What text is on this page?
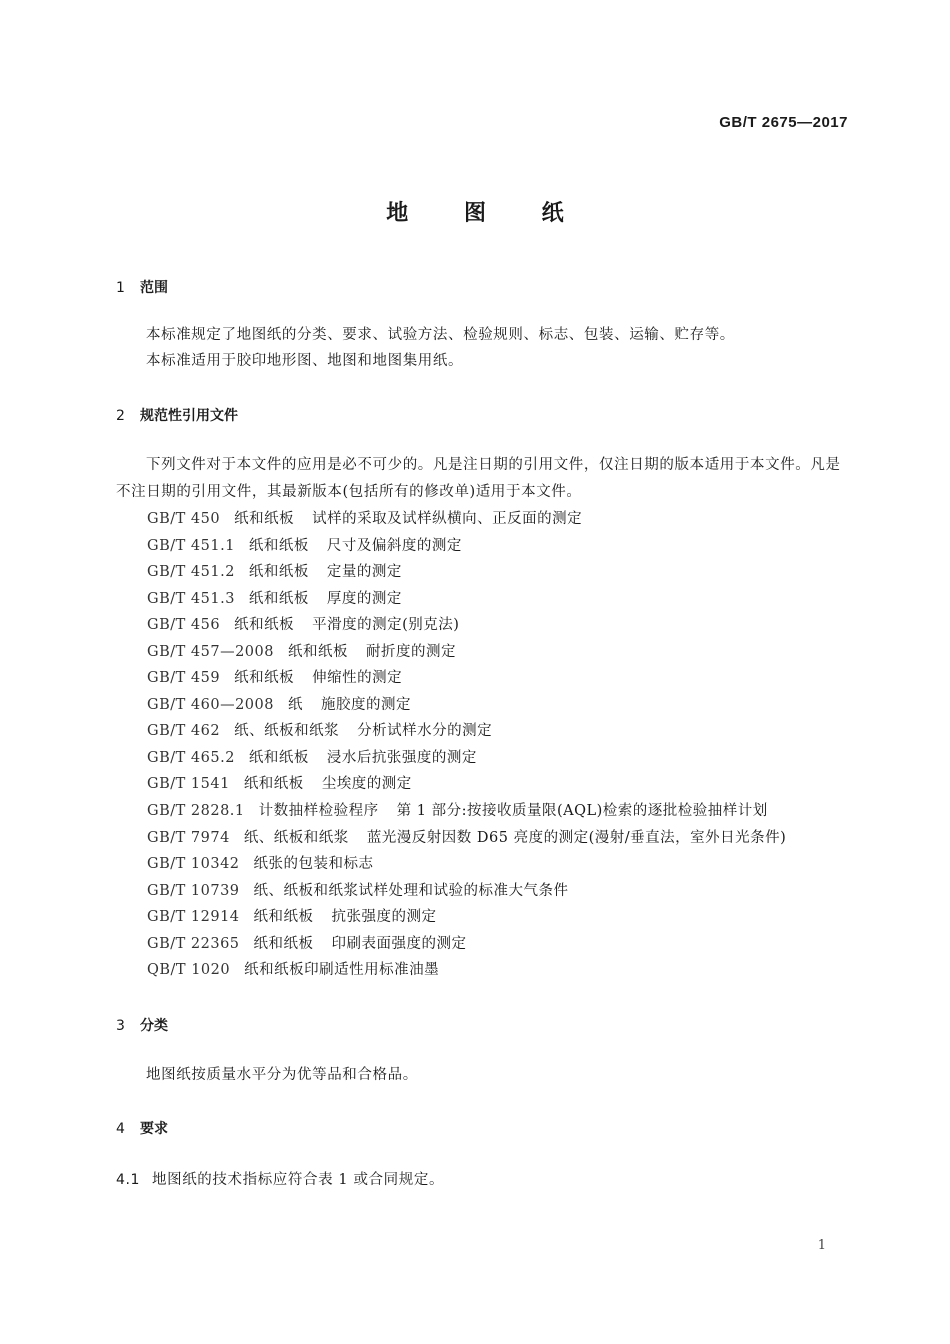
GB/T 2675—2017
地	图	纸
1 范围
本标准规定了地图纸的分类、要求、试验方法、检验规则、标志、包装、运输、贮存等。
本标准适用于胶印地形图、地图和地图集用纸。
2 规范性引用文件
下列文件对于本文件的应用是必不可少的。凡是注日期的引用文件，仅注日期的版本适用于本文件。凡是不注日期的引用文件，其最新版本(包括所有的修改单)适用于本文件。
GB/T 450 纸和纸板 试样的采取及试样纵横向、正反面的测定
GB/T 451.1 纸和纸板 尺寸及偏斜度的测定
GB/T 451.2 纸和纸板 定量的测定
GB/T 451.3 纸和纸板 厚度的测定
GB/T 456 纸和纸板 平滑度的测定(别克法)
GB/T 457—2008 纸和纸板 耐折度的测定
GB/T 459 纸和纸板 伸缩性的测定
GB/T 460—2008 纸 施胶度的测定
GB/T 462 纸、纸板和纸浆 分析试样水分的测定
GB/T 465.2 纸和纸板 浸水后抗张强度的测定
GB/T 1541 纸和纸板 尘埃度的测定
GB/T 2828.1 计数抽样检验程序 第 1 部分:按接收质量限(AQL)检索的逐批检验抽样计划
GB/T 7974 纸、纸板和纸浆 蓝光漫反射因数 D65 亮度的测定(漫射/垂直法，室外日光条件)
GB/T 10342 纸张的包装和标志
GB/T 10739 纸、纸板和纸浆试样处理和试验的标准大气条件
GB/T 12914 纸和纸板 抗张强度的测定
GB/T 22365 纸和纸板 印刷表面强度的测定
QB/T 1020 纸和纸板印刷适性用标准油墨
3 分类
地图纸按质量水平分为优等品和合格品。
4 要求
4.1 地图纸的技术指标应符合表 1 或合同规定。
1
